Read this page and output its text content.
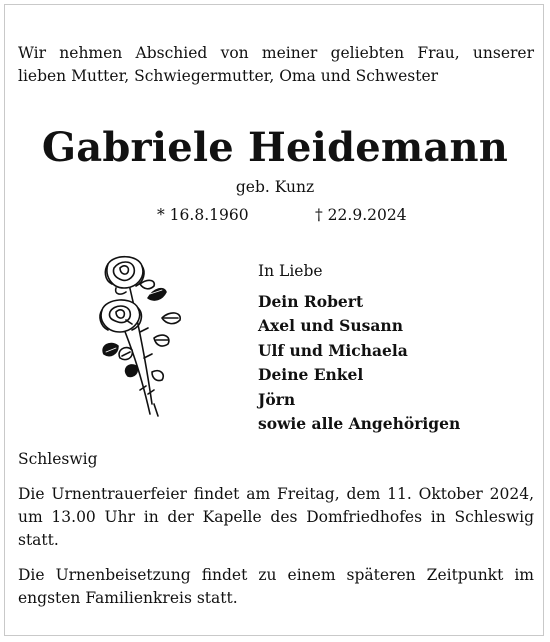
Wir nehmen Abschied von meiner geliebten Frau, unserer
lieben Mutter, Schwiegermutter, Oma und Schwester
Gabriele Heidemann
geb. Kunz
* 16.8.1960	† 22.9.2024
In Liebe
Dein Robert
Axel und Susann
Ulf und Michaela
Deine Enkel
Jörn
sowie alle Angehörigen
Schleswig
Die Urnentrauerfeier findet am Freitag, dem 11. Oktober 2024,
um 13.00 Uhr in der Kapelle des Domfriedhofes in Schleswig
statt.
Die Urnenbeisetzung findet zu einem späteren Zeitpunkt im
engsten Familienkreis statt.
